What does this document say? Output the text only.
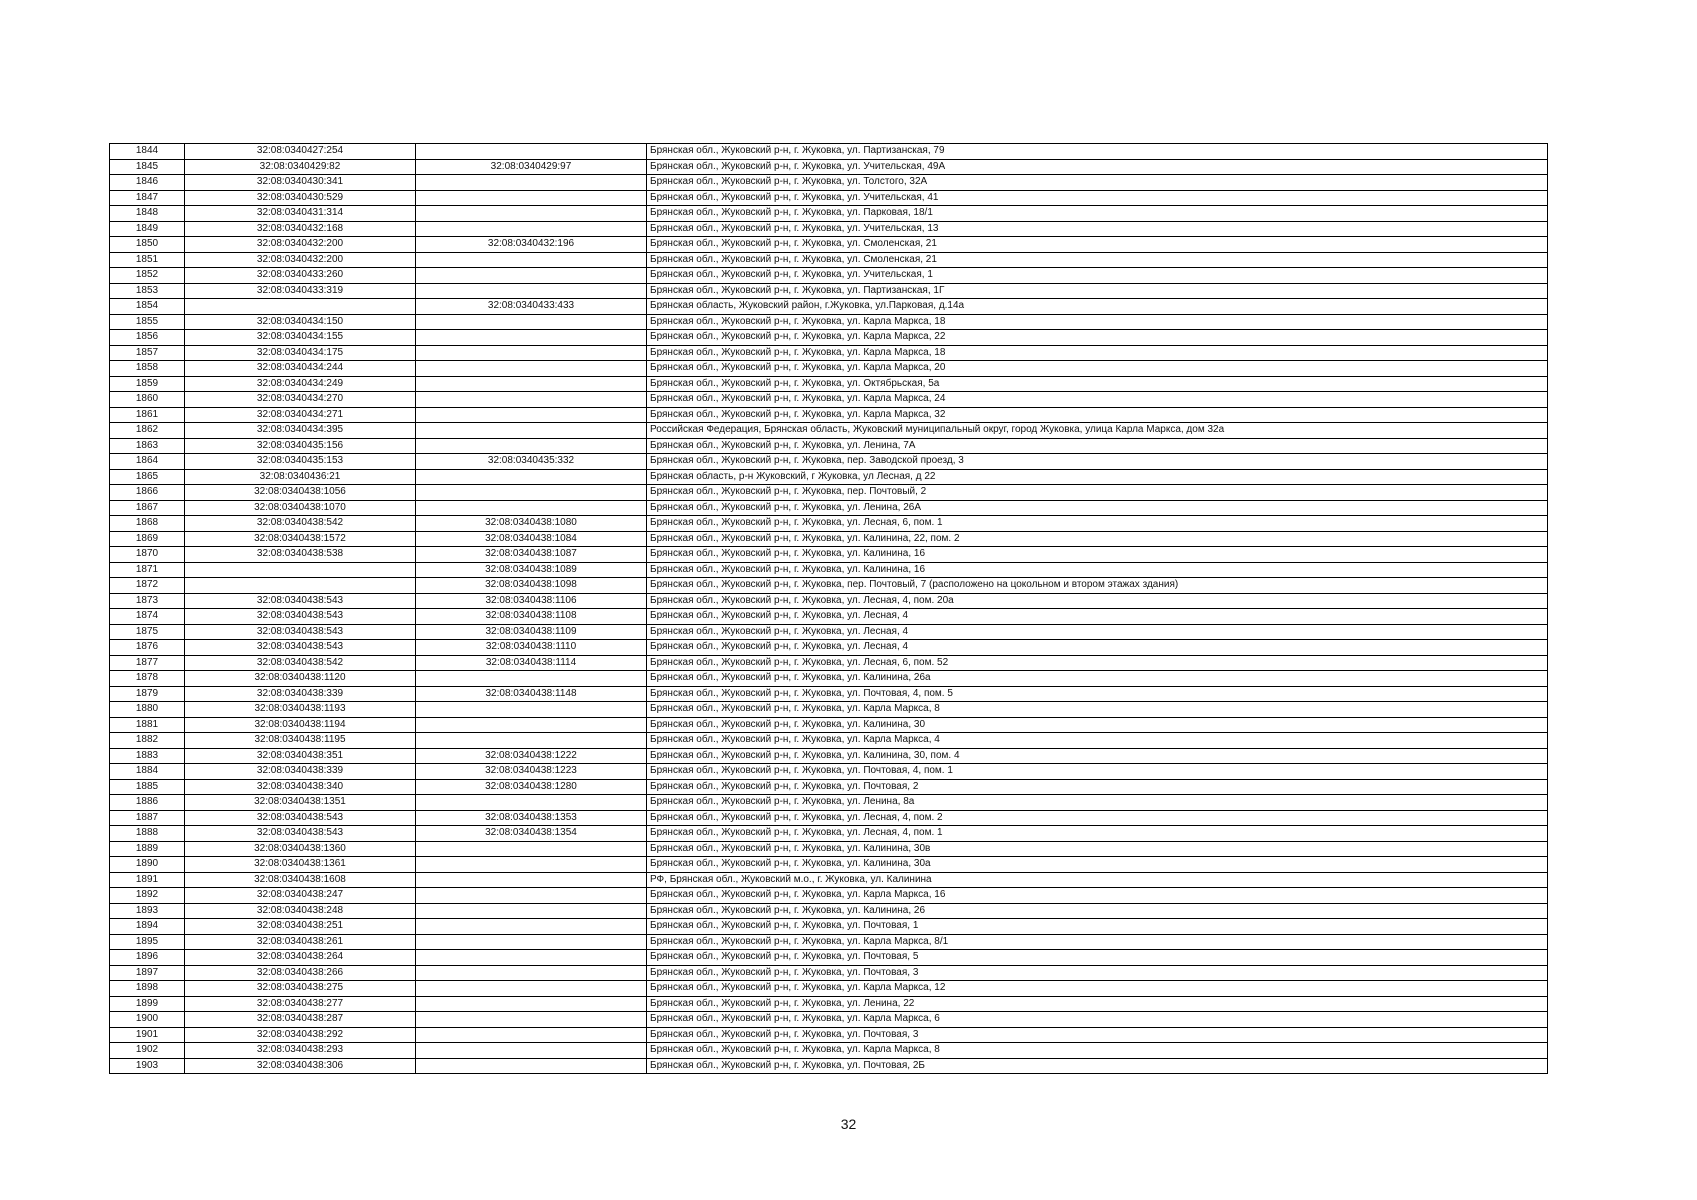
1844	32:08:0340427:254		Брянская обл., Жуковский р-н, г. Жуковка, ул. Партизанская, 79
1845	32:08:0340429:82	32:08:0340429:97	Брянская обл., Жуковский р-н, г. Жуковка, ул. Учительская, 49А
1846	32:08:0340430:341		Брянская обл., Жуковский р-н, г. Жуковка, ул. Толстого, 32А
1847	32:08:0340430:529		Брянская обл., Жуковский р-н, г. Жуковка, ул. Учительская, 41
1848	32:08:0340431:314		Брянская обл., Жуковский р-н, г. Жуковка, ул. Парковая, 18/1
1849	32:08:0340432:168		Брянская обл., Жуковский р-н, г. Жуковка, ул. Учительская, 13
1850	32:08:0340432:200	32:08:0340432:196	Брянская обл., Жуковский р-н, г. Жуковка, ул. Смоленская, 21
1851	32:08:0340432:200		Брянская обл., Жуковский р-н, г. Жуковка, ул. Смоленская, 21
1852	32:08:0340433:260		Брянская обл., Жуковский р-н, г. Жуковка, ул. Учительская, 1
1853	32:08:0340433:319		Брянская обл., Жуковский р-н, г. Жуковка, ул. Партизанская, 1Г
1854		32:08:0340433:433	Брянская область, Жуковский район, г.Жуковка, ул.Парковая, д.14а
1855	32:08:0340434:150		Брянская обл., Жуковский р-н, г. Жуковка, ул. Карла Маркса, 18
1856	32:08:0340434:155		Брянская обл., Жуковский р-н, г. Жуковка, ул. Карла Маркса, 22
1857	32:08:0340434:175		Брянская обл., Жуковский р-н, г. Жуковка, ул. Карла Маркса, 18
1858	32:08:0340434:244		Брянская обл., Жуковский р-н, г. Жуковка, ул. Карла Маркса, 20
1859	32:08:0340434:249		Брянская обл., Жуковский р-н, г. Жуковка, ул. Октябрьская, 5а
1860	32:08:0340434:270		Брянская обл., Жуковский р-н, г. Жуковка, ул. Карла Маркса, 24
1861	32:08:0340434:271		Брянская обл., Жуковский р-н, г. Жуковка, ул. Карла Маркса, 32
1862	32:08:0340434:395		Российская Федерация, Брянская область, Жуковский муниципальный округ, город Жуковка, улица Карла Маркса, дом 32а
1863	32:08:0340435:156		Брянская обл., Жуковский р-н, г. Жуковка, ул. Ленина, 7А
1864	32:08:0340435:153	32:08:0340435:332	Брянская обл., Жуковский р-н, г. Жуковка, пер. Заводской проезд, 3
1865	32:08:0340436:21		Брянская область, р-н Жуковский, г Жуковка, ул Лесная, д 22
1866	32:08:0340438:1056		Брянская обл., Жуковский р-н, г. Жуковка, пер. Почтовый, 2
1867	32:08:0340438:1070		Брянская обл., Жуковский р-н, г. Жуковка, ул. Ленина, 26А
1868	32:08:0340438:542	32:08:0340438:1080	Брянская обл., Жуковский р-н, г. Жуковка, ул. Лесная, 6, пом. 1
1869	32:08:0340438:1572	32:08:0340438:1084	Брянская обл., Жуковский р-н, г. Жуковка, ул. Калинина, 22, пом. 2
1870	32:08:0340438:538	32:08:0340438:1087	Брянская обл., Жуковский р-н, г. Жуковка, ул. Калинина, 16
1871		32:08:0340438:1089	Брянская обл., Жуковский р-н, г. Жуковка, ул. Калинина, 16
1872		32:08:0340438:1098	Брянская обл., Жуковский р-н, г. Жуковка, пер. Почтовый, 7 (расположено на цокольном и втором этажах здания)
1873	32:08:0340438:543	32:08:0340438:1106	Брянская обл., Жуковский р-н, г. Жуковка, ул. Лесная, 4, пом. 20а
1874	32:08:0340438:543	32:08:0340438:1108	Брянская обл., Жуковский р-н, г. Жуковка, ул. Лесная, 4
1875	32:08:0340438:543	32:08:0340438:1109	Брянская обл., Жуковский р-н, г. Жуковка, ул. Лесная, 4
1876	32:08:0340438:543	32:08:0340438:1110	Брянская обл., Жуковский р-н, г. Жуковка, ул. Лесная, 4
1877	32:08:0340438:542	32:08:0340438:1114	Брянская обл., Жуковский р-н, г. Жуковка, ул. Лесная, 6, пом. 52
1878	32:08:0340438:1120		Брянская обл., Жуковский р-н, г. Жуковка, ул. Калинина, 26а
1879	32:08:0340438:339	32:08:0340438:1148	Брянская обл., Жуковский р-н, г. Жуковка, ул. Почтовая, 4, пом. 5
1880	32:08:0340438:1193		Брянская обл., Жуковский р-н, г. Жуковка, ул. Карла Маркса, 8
1881	32:08:0340438:1194		Брянская обл., Жуковский р-н, г. Жуковка, ул. Калинина, 30
1882	32:08:0340438:1195		Брянская обл., Жуковский р-н, г. Жуковка, ул. Карла Маркса, 4
1883	32:08:0340438:351	32:08:0340438:1222	Брянская обл., Жуковский р-н, г. Жуковка, ул. Калинина, 30, пом. 4
1884	32:08:0340438:339	32:08:0340438:1223	Брянская обл., Жуковский р-н, г. Жуковка, ул. Почтовая, 4, пом. 1
1885	32:08:0340438:340	32:08:0340438:1280	Брянская обл., Жуковский р-н, г. Жуковка, ул. Почтовая, 2
1886	32:08:0340438:1351		Брянская обл., Жуковский р-н, г. Жуковка, ул. Ленина, 8а
1887	32:08:0340438:543	32:08:0340438:1353	Брянская обл., Жуковский р-н, г. Жуковка, ул. Лесная, 4, пом. 2
1888	32:08:0340438:543	32:08:0340438:1354	Брянская обл., Жуковский р-н, г. Жуковка, ул. Лесная, 4, пом. 1
1889	32:08:0340438:1360		Брянская обл., Жуковский р-н, г. Жуковка, ул. Калинина, 30в
1890	32:08:0340438:1361		Брянская обл., Жуковский р-н, г. Жуковка, ул. Калинина, 30а
1891	32:08:0340438:1608		РФ, Брянская обл., Жуковский м.о., г. Жуковка, ул. Калинина
1892	32:08:0340438:247		Брянская обл., Жуковский р-н, г. Жуковка, ул. Карла Маркса, 16
1893	32:08:0340438:248		Брянская обл., Жуковский р-н, г. Жуковка, ул. Калинина, 26
1894	32:08:0340438:251		Брянская обл., Жуковский р-н, г. Жуковка, ул. Почтовая, 1
1895	32:08:0340438:261		Брянская обл., Жуковский р-н, г. Жуковка, ул. Карла Маркса, 8/1
1896	32:08:0340438:264		Брянская обл., Жуковский р-н, г. Жуковка, ул. Почтовая, 5
1897	32:08:0340438:266		Брянская обл., Жуковский р-н, г. Жуковка, ул. Почтовая, 3
1898	32:08:0340438:275		Брянская обл., Жуковский р-н, г. Жуковка, ул. Карла Маркса, 12
1899	32:08:0340438:277		Брянская обл., Жуковский р-н, г. Жуковка, ул. Ленина, 22
1900	32:08:0340438:287		Брянская обл., Жуковский р-н, г. Жуковка, ул. Карла Маркса, 6
1901	32:08:0340438:292		Брянская обл., Жуковский р-н, г. Жуковка, ул. Почтовая, 3
1902	32:08:0340438:293		Брянская обл., Жуковский р-н, г. Жуковка, ул. Карла Маркса, 8
1903	32:08:0340438:306		Брянская обл., Жуковский р-н, г. Жуковка, ул. Почтовая, 2Б
32
